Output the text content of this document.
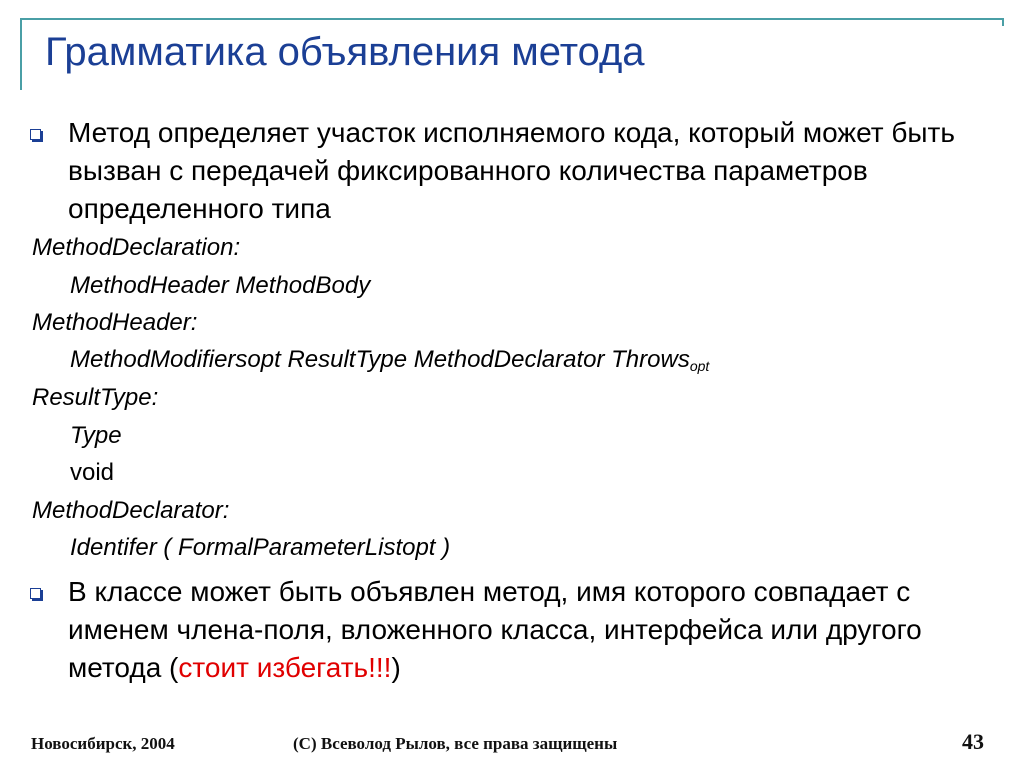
Грамматика объявления метода
Метод определяет участок исполняемого кода, который может быть вызван с передачей фиксированного количества параметров определенного типа
MethodDeclaration:
MethodHeader MethodBody
MethodHeader:
MethodModifiersopt ResultType MethodDeclarator Throws$_{opt}$
ResultType:
Type
void
MethodDeclarator:
Identifer ( FormalParameterListopt )
В классе может быть объявлен метод, имя которого совпадает с именем члена-поля, вложенного класса, интерфейса или другого метода (стоит избегать!!!)
Новосибирск, 2004	(С) Всеволод Рылов, все права защищены	43
